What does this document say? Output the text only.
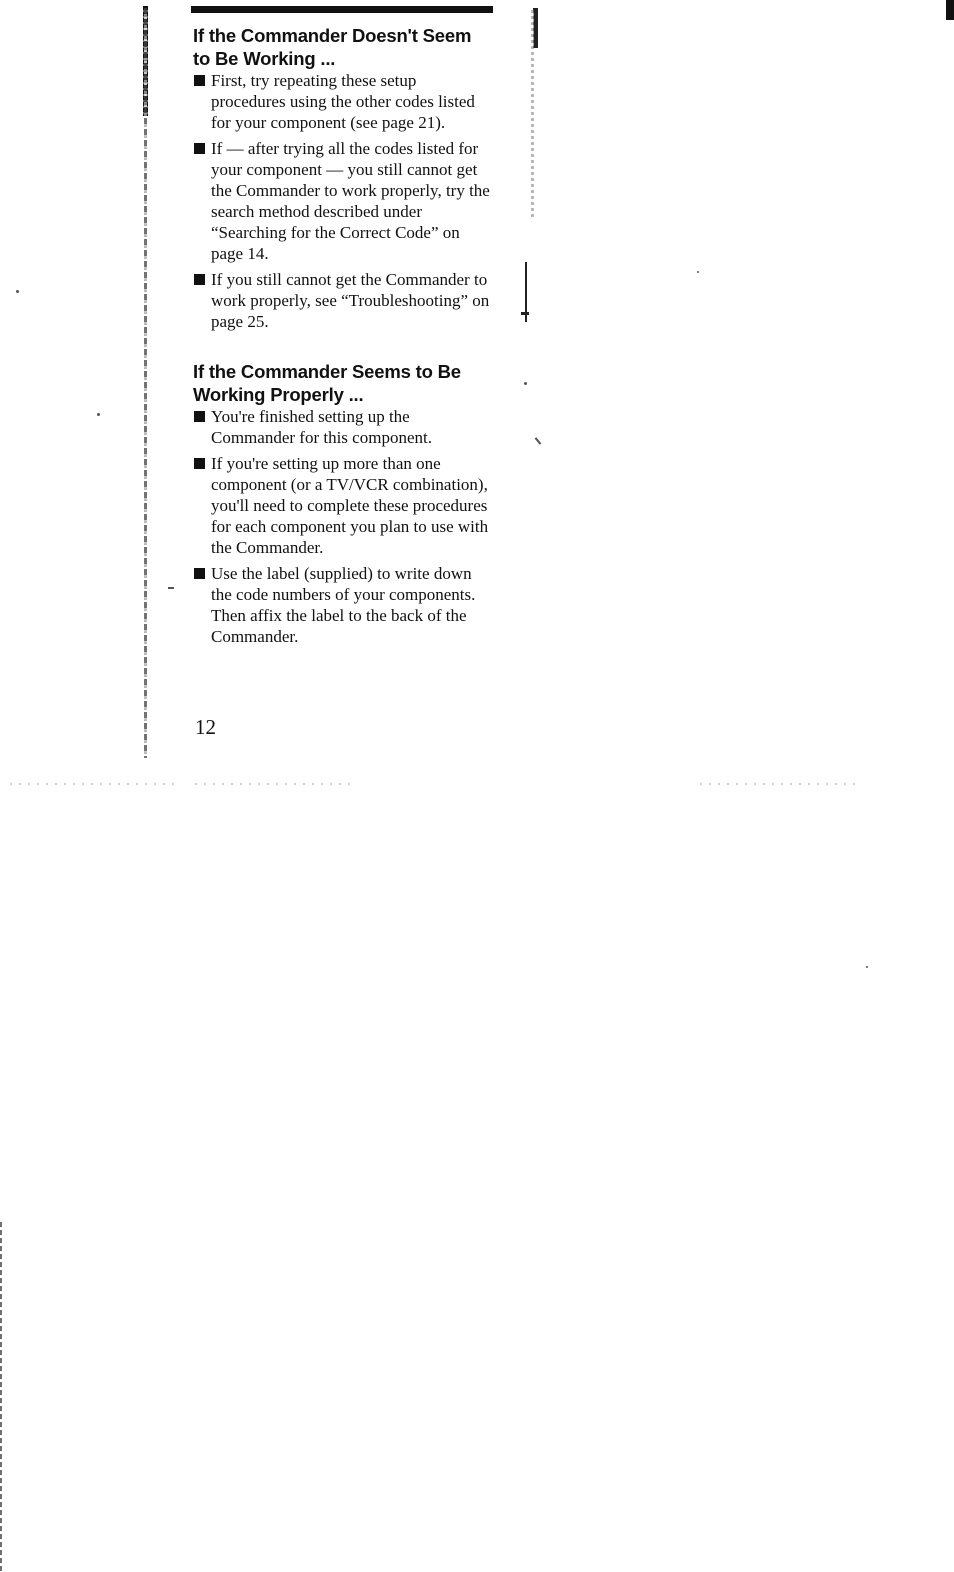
If the Commander Doesn't Seem to Be Working ...
First, try repeating these setup procedures using the other codes listed for your component (see page 21).
If — after trying all the codes listed for your component — you still cannot get the Commander to work properly, try the search method described under “Searching for the Correct Code” on page 14.
If you still cannot get the Commander to work properly, see “Troubleshooting” on page 25.
If the Commander Seems to Be Working Properly ...
You're finished setting up the Commander for this component.
If you're setting up more than one component (or a TV/VCR combination), you'll need to complete these procedures for each component you plan to use with the Commander.
Use the label (supplied) to write down the code numbers of your components. Then affix the label to the back of the Commander.
12
